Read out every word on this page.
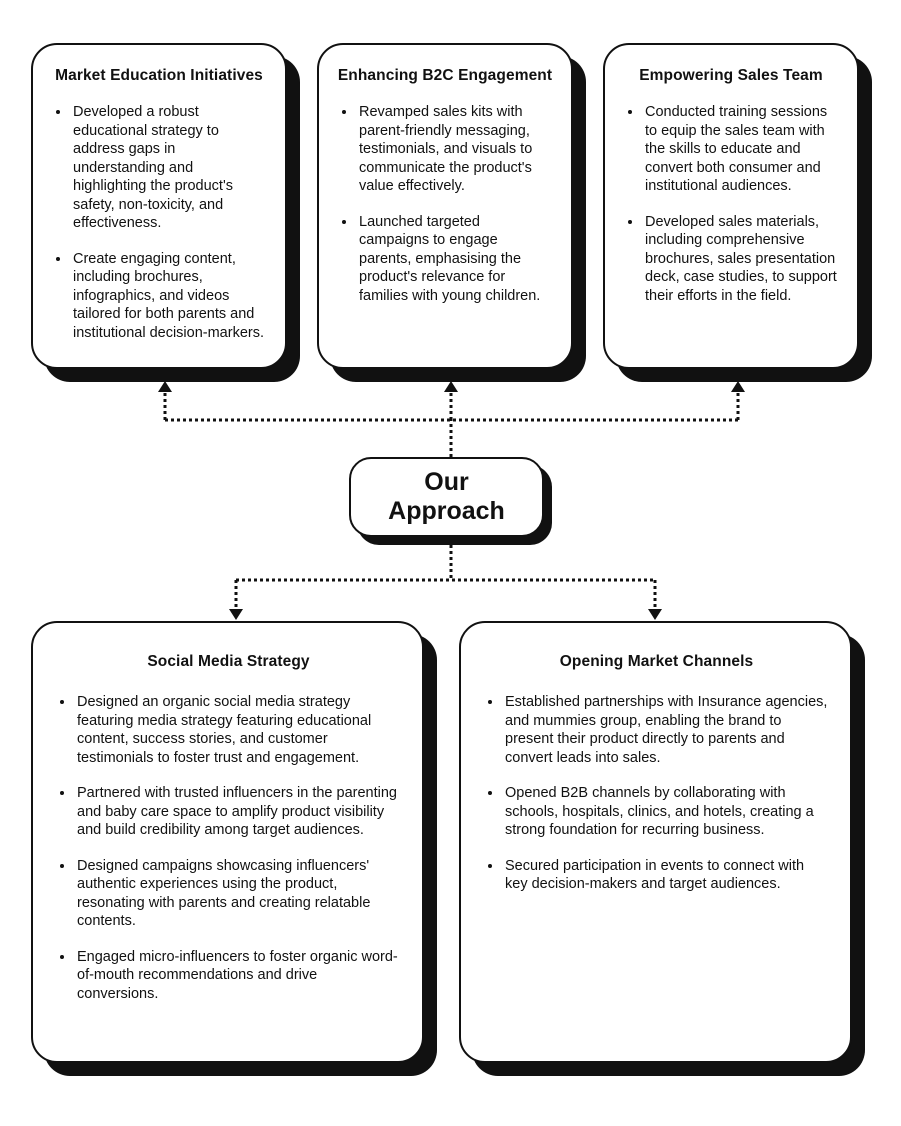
Market Education Initiatives
• Developed a robust educational strategy to address gaps in understanding and highlighting the product's safety, non-toxicity, and effectiveness.
• Create engaging content, including brochures, infographics, and videos tailored for both parents and institutional decision-markers.
Enhancing B2C Engagement
• Revamped sales kits with parent-friendly messaging, testimonials, and visuals to communicate the product's value effectively.
• Launched targeted campaigns to engage parents, emphasising the product's relevance for families with young children.
Empowering Sales Team
• Conducted training sessions to equip the sales team with the skills to educate and convert both consumer and institutional audiences.
• Developed sales materials, including comprehensive brochures, sales presentation deck, case studies, to support their efforts in the field.
Our
Approach
Social Media Strategy
• Designed an organic social media strategy featuring media strategy featuring educational content, success stories, and customer testimonials to foster trust and engagement.
• Partnered with trusted influencers in the parenting and baby care space to amplify product visibility and build credibility among target audiences.
• Designed campaigns showcasing influencers' authentic experiences using the product, resonating with parents and creating relatable contents.
• Engaged micro-influencers to foster organic word-of-mouth recommendations and drive conversions.
Opening Market Channels
• Established partnerships with Insurance agencies, and mummies group, enabling the brand to present their product directly to parents and convert leads into sales.
• Opened B2B channels by collaborating with schools, hospitals, clinics, and hotels, creating a strong foundation for recurring business.
• Secured participation in events to connect with key decision-makers and target audiences.
